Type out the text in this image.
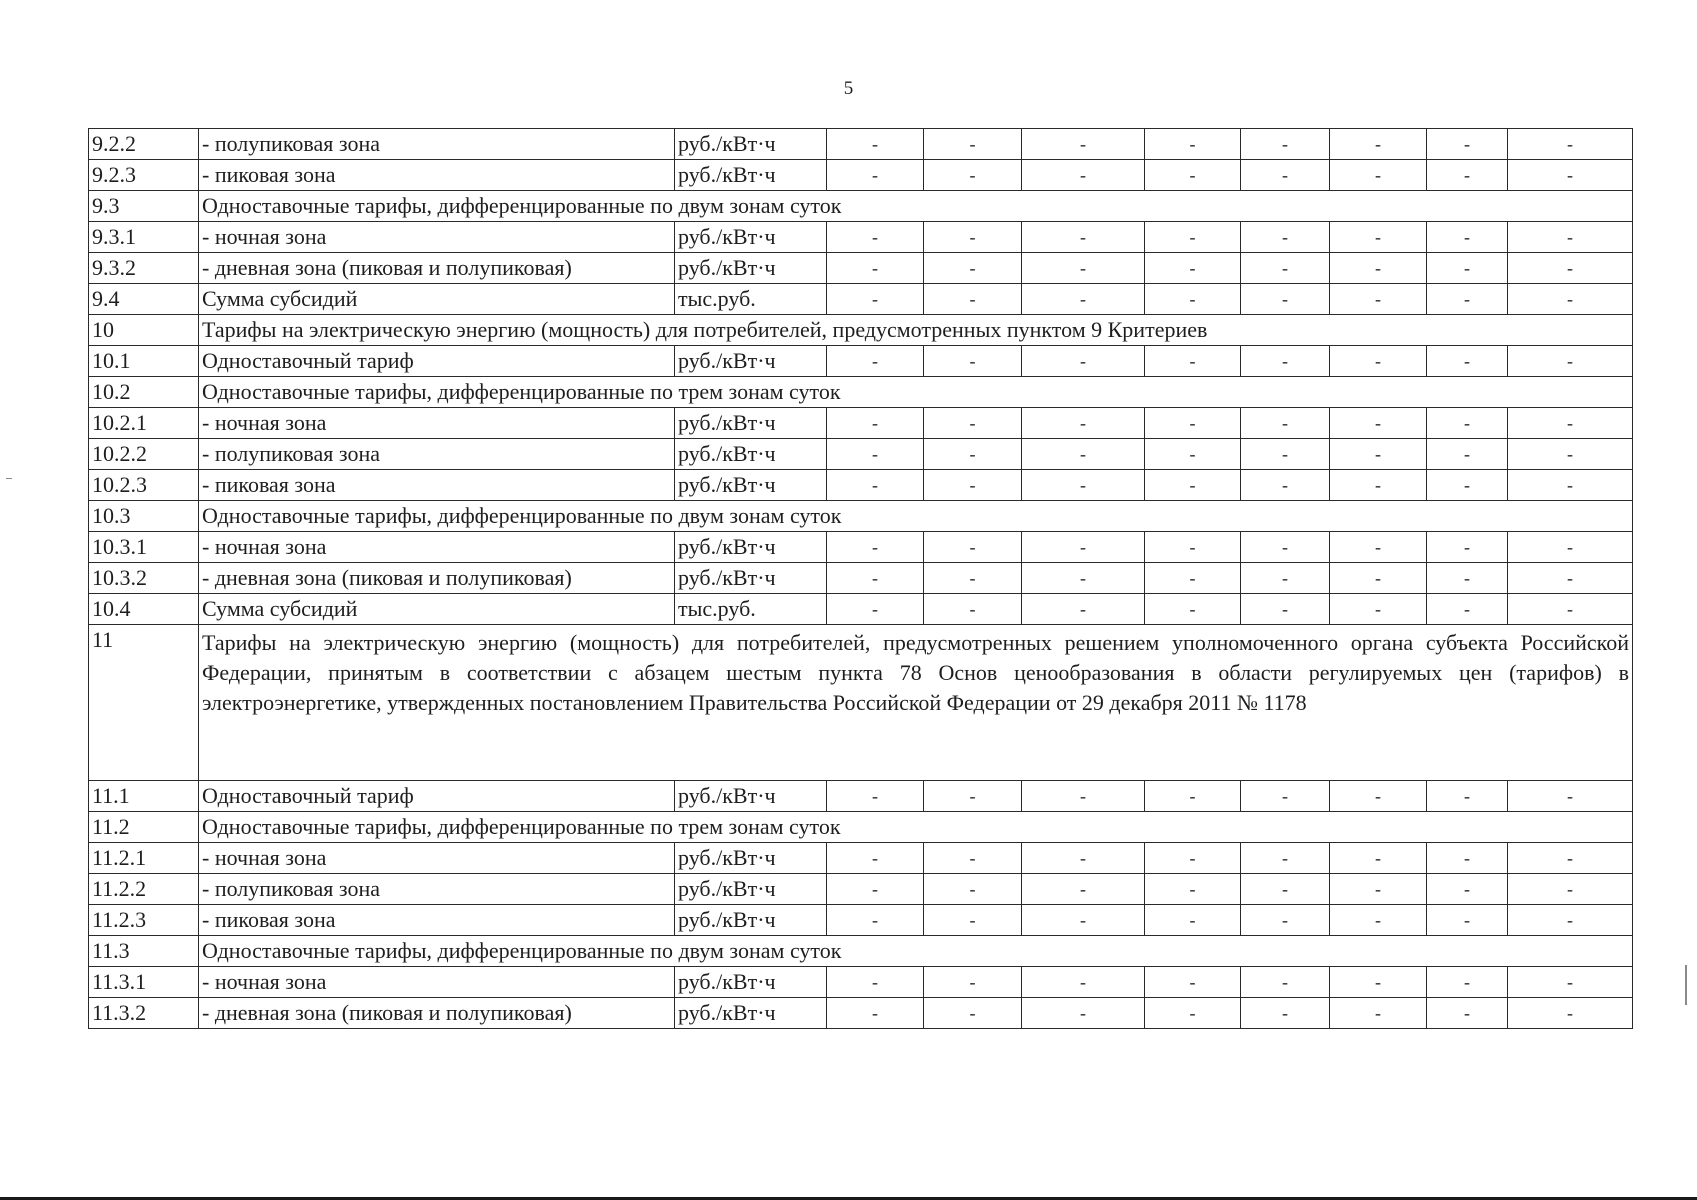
5
9.2.2	- полупиковая зона	руб./кВт·ч	-	-	-	-	-	-	-	-
9.2.3	- пиковая зона	руб./кВт·ч	-	-	-	-	-	-	-	-
9.3	Одноставочные тарифы, дифференцированные по двум зонам суток									
9.3.1	- ночная зона	руб./кВт·ч	-	-	-	-	-	-	-	-
9.3.2	- дневная зона (пиковая и полупиковая)	руб./кВт·ч	-	-	-	-	-	-	-	-
9.4	Сумма субсидий	тыс.руб.	-	-	-	-	-	-	-	-
10	Тарифы на электрическую энергию (мощность) для потребителей, предусмотренных пунктом 9 Критериев									
10.1	Одноставочный тариф	руб./кВт·ч	-	-	-	-	-	-	-	-
10.2	Одноставочные тарифы, дифференцированные по трем зонам суток									
10.2.1	- ночная зона	руб./кВт·ч	-	-	-	-	-	-	-	-
10.2.2	- полупиковая зона	руб./кВт·ч	-	-	-	-	-	-	-	-
10.2.3	- пиковая зона	руб./кВт·ч	-	-	-	-	-	-	-	-
10.3	Одноставочные тарифы, дифференцированные по двум зонам суток									
10.3.1	- ночная зона	руб./кВт·ч	-	-	-	-	-	-	-	-
10.3.2	- дневная зона (пиковая и полупиковая)	руб./кВт·ч	-	-	-	-	-	-	-	-
10.4	Сумма субсидий	тыс.руб.	-	-	-	-	-	-	-	-
11	Тарифы на электрическую энергию (мощность) для потребителей, предусмотренных решением уполномоченного органа субъекта Российской Федерации, принятым в соответствии с абзацем шестым пункта 78 Основ ценообразования в области регулируемых цен (тарифов) в электроэнергетике, утвержденных постановлением Правительства Российской Федерации от 29 декабря 2011 № 1178									
11.1	Одноставочный тариф	руб./кВт·ч	-	-	-	-	-	-	-	-
11.2	Одноставочные тарифы, дифференцированные по трем зонам суток									
11.2.1	- ночная зона	руб./кВт·ч	-	-	-	-	-	-	-	-
11.2.2	- полупиковая зона	руб./кВт·ч	-	-	-	-	-	-	-	-
11.2.3	- пиковая зона	руб./кВт·ч	-	-	-	-	-	-	-	-
11.3	Одноставочные тарифы, дифференцированные по двум зонам суток									
11.3.1	- ночная зона	руб./кВт·ч	-	-	-	-	-	-	-	-
11.3.2	- дневная зона (пиковая и полупиковая)	руб./кВт·ч	-	-	-	-	-	-	-	-
